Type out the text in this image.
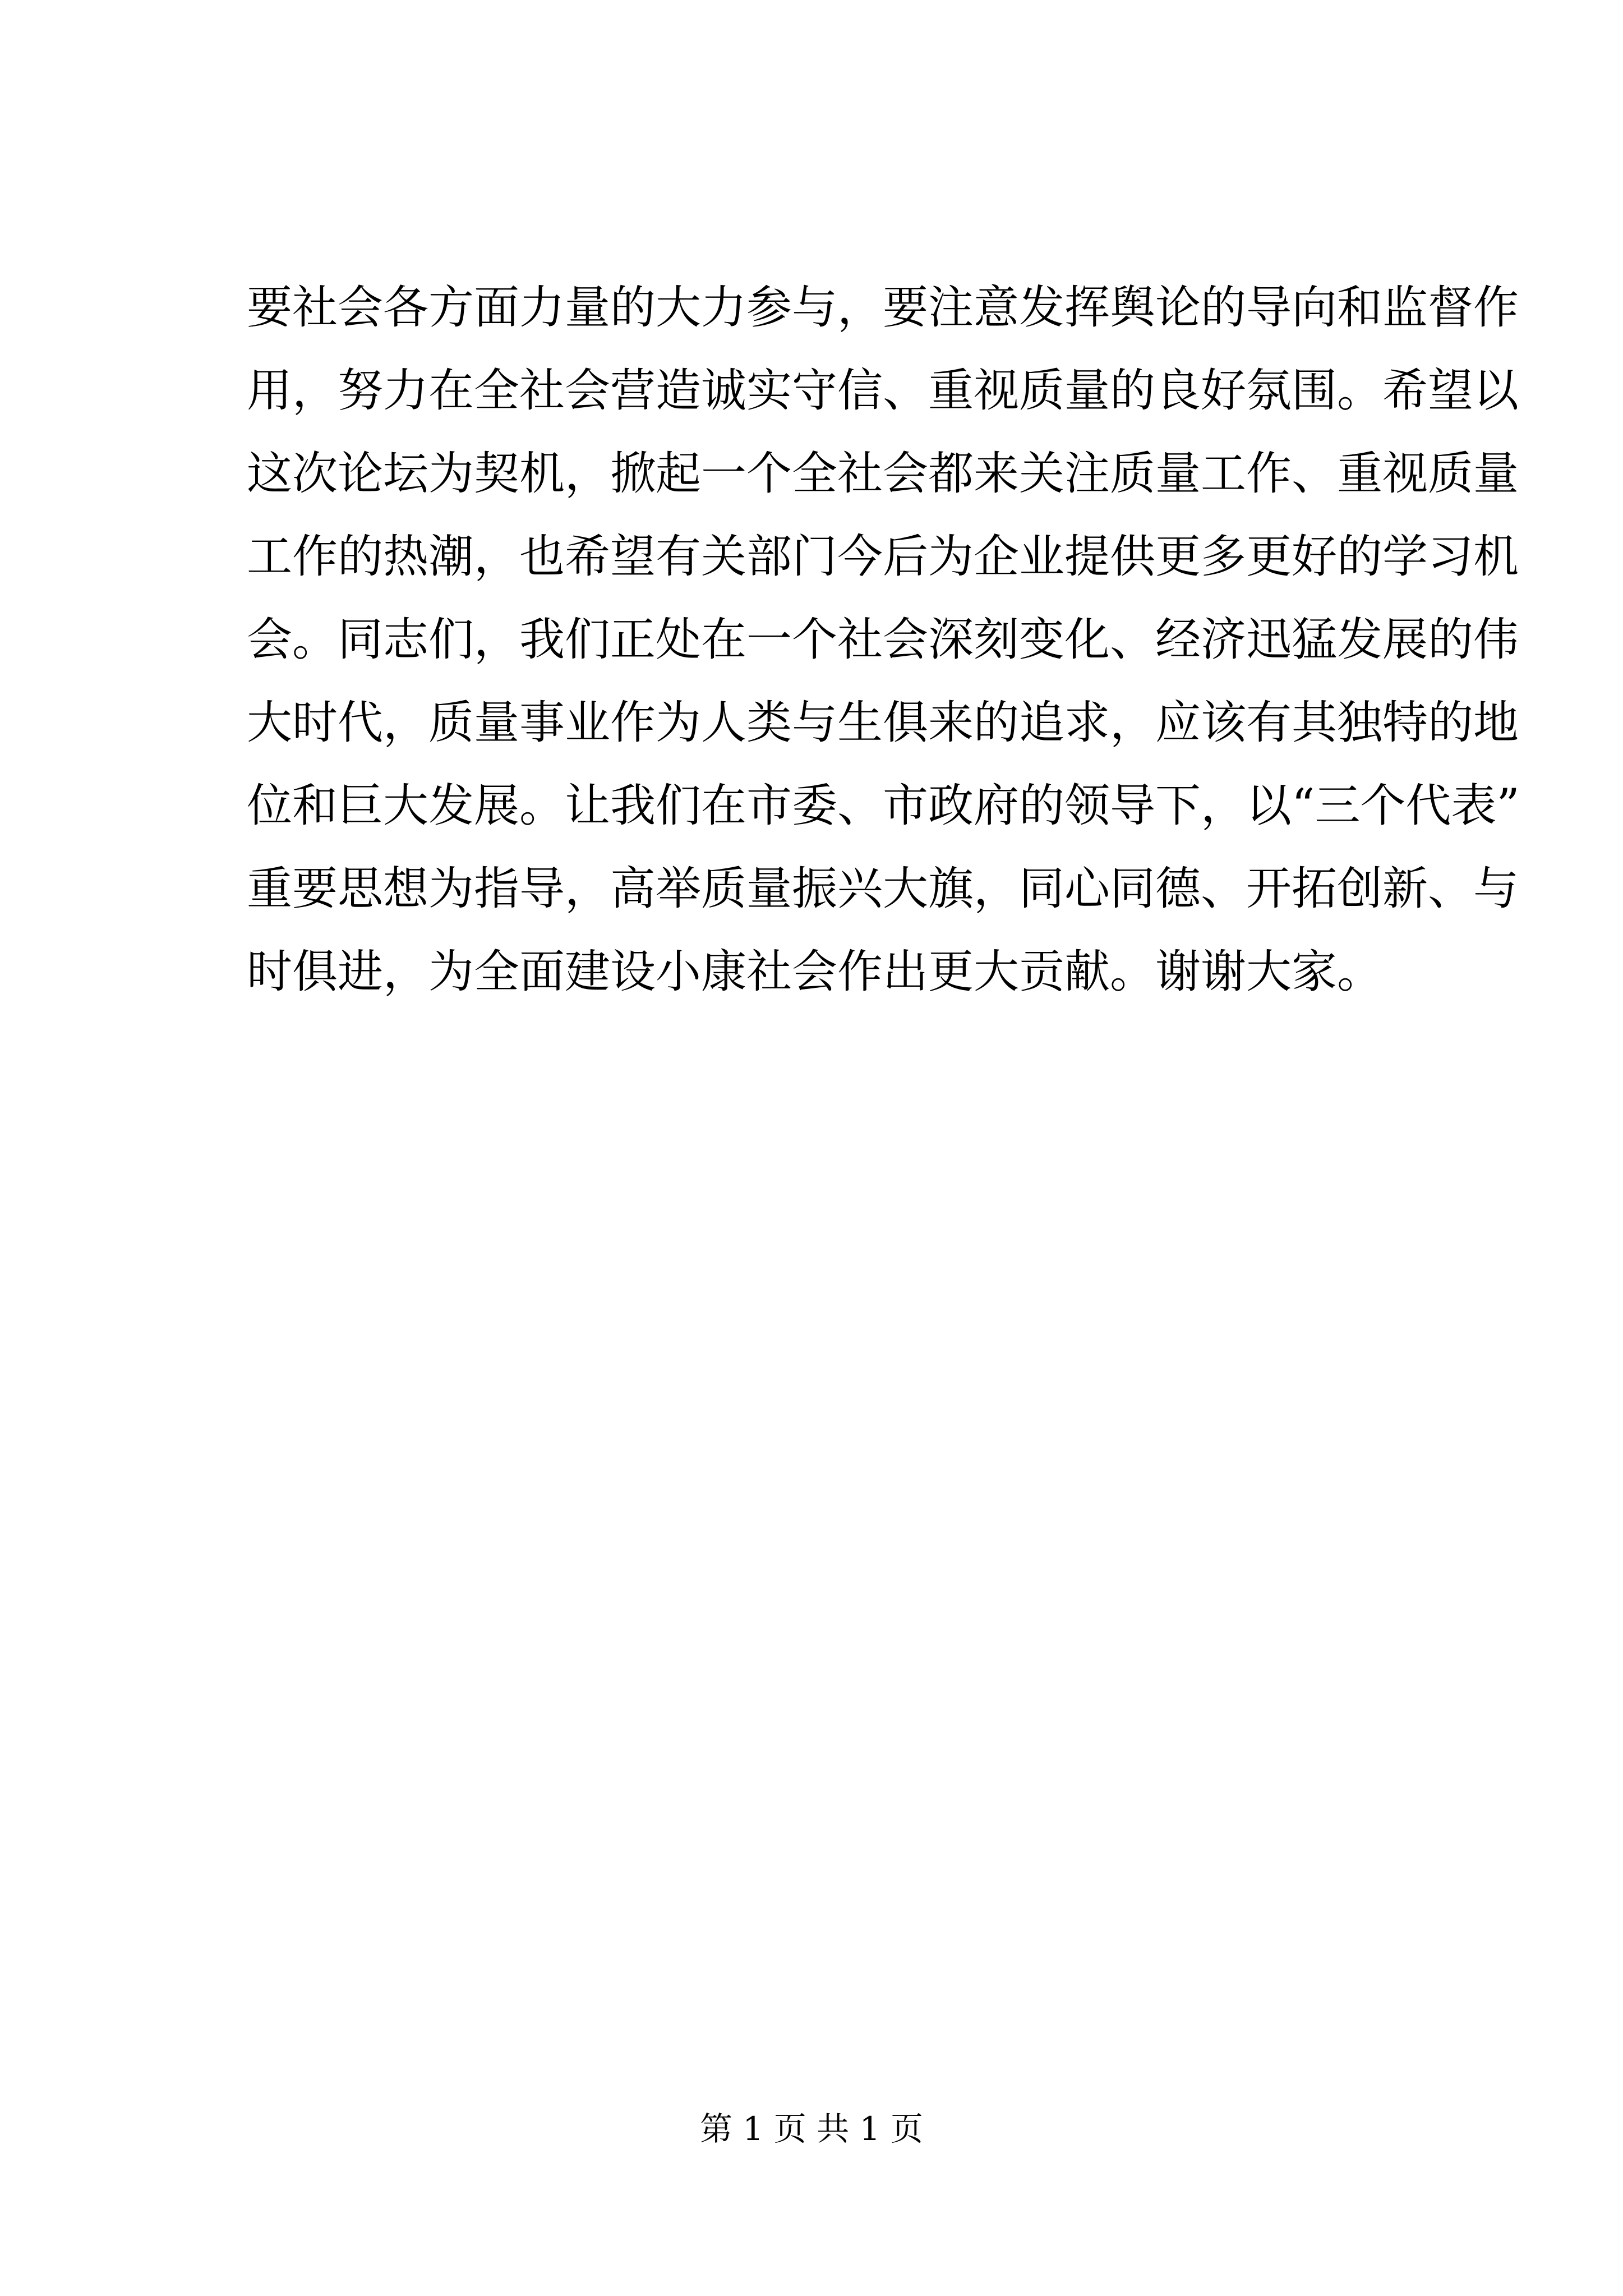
要社会各方面力量的大力参与，要注意发挥舆论的导向和监督作
用，努力在全社会营造诚实守信、重视质量的良好氛围。希望以
这次论坛为契机，掀起一个全社会都来关注质量工作、重视质量
工作的热潮，也希望有关部门今后为企业提供更多更好的学习机
会。同志们，我们正处在一个社会深刻变化、经济迅猛发展的伟
大时代，质量事业作为人类与生俱来的追求，应该有其独特的地
位和巨大发展。让我们在市委、市政府的领导下，以“三个代表”
重要思想为指导，高举质量振兴大旗，同心同德、开拓创新、与
时俱进，为全面建设小康社会作出更大贡献。谢谢大家。
第 1 页 共 1 页
